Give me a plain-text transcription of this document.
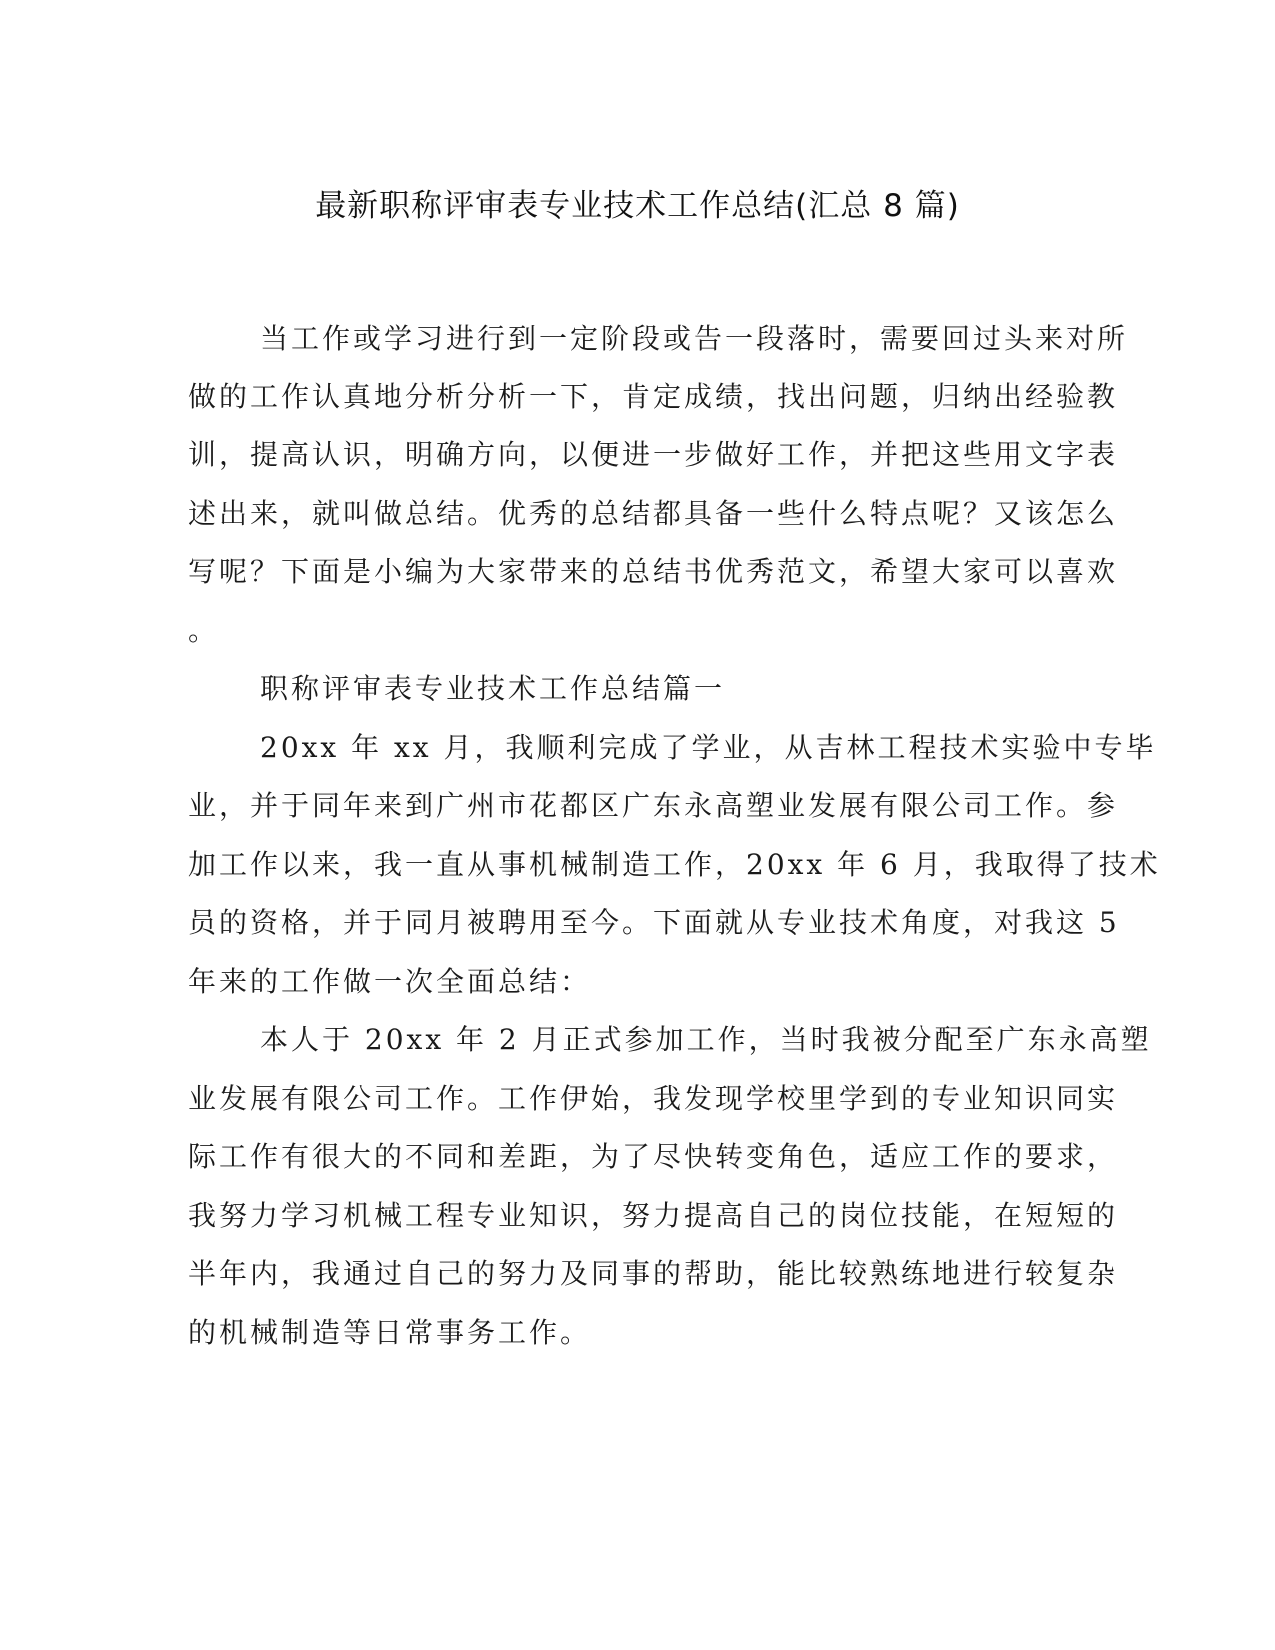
最新职称评审表专业技术工作总结(汇总 8 篇)

当工作或学习进行到一定阶段或告一段落时，需要回过头来对所

做的工作认真地分析分析一下，肯定成绩，找出问题，归纳出经验教

训，提高认识，明确方向，以便进一步做好工作，并把这些用文字表

述出来，就叫做总结。优秀的总结都具备一些什么特点呢？又该怎么

写呢？下面是小编为大家带来的总结书优秀范文，希望大家可以喜欢

。

职称评审表专业技术工作总结篇一

20xx 年 xx 月，我顺利完成了学业，从吉林工程技术实验中专毕

业，并于同年来到广州市花都区广东永高塑业发展有限公司工作。参

加工作以来，我一直从事机械制造工作，20xx 年 6 月，我取得了技术

员的资格，并于同月被聘用至今。下面就从专业技术角度，对我这 5

年来的工作做一次全面总结：

本人于 20xx 年 2 月正式参加工作，当时我被分配至广东永高塑

业发展有限公司工作。工作伊始，我发现学校里学到的专业知识同实

际工作有很大的不同和差距，为了尽快转变角色，适应工作的要求，

我努力学习机械工程专业知识，努力提高自己的岗位技能，在短短的

半年内，我通过自己的努力及同事的帮助，能比较熟练地进行较复杂

的机械制造等日常事务工作。
